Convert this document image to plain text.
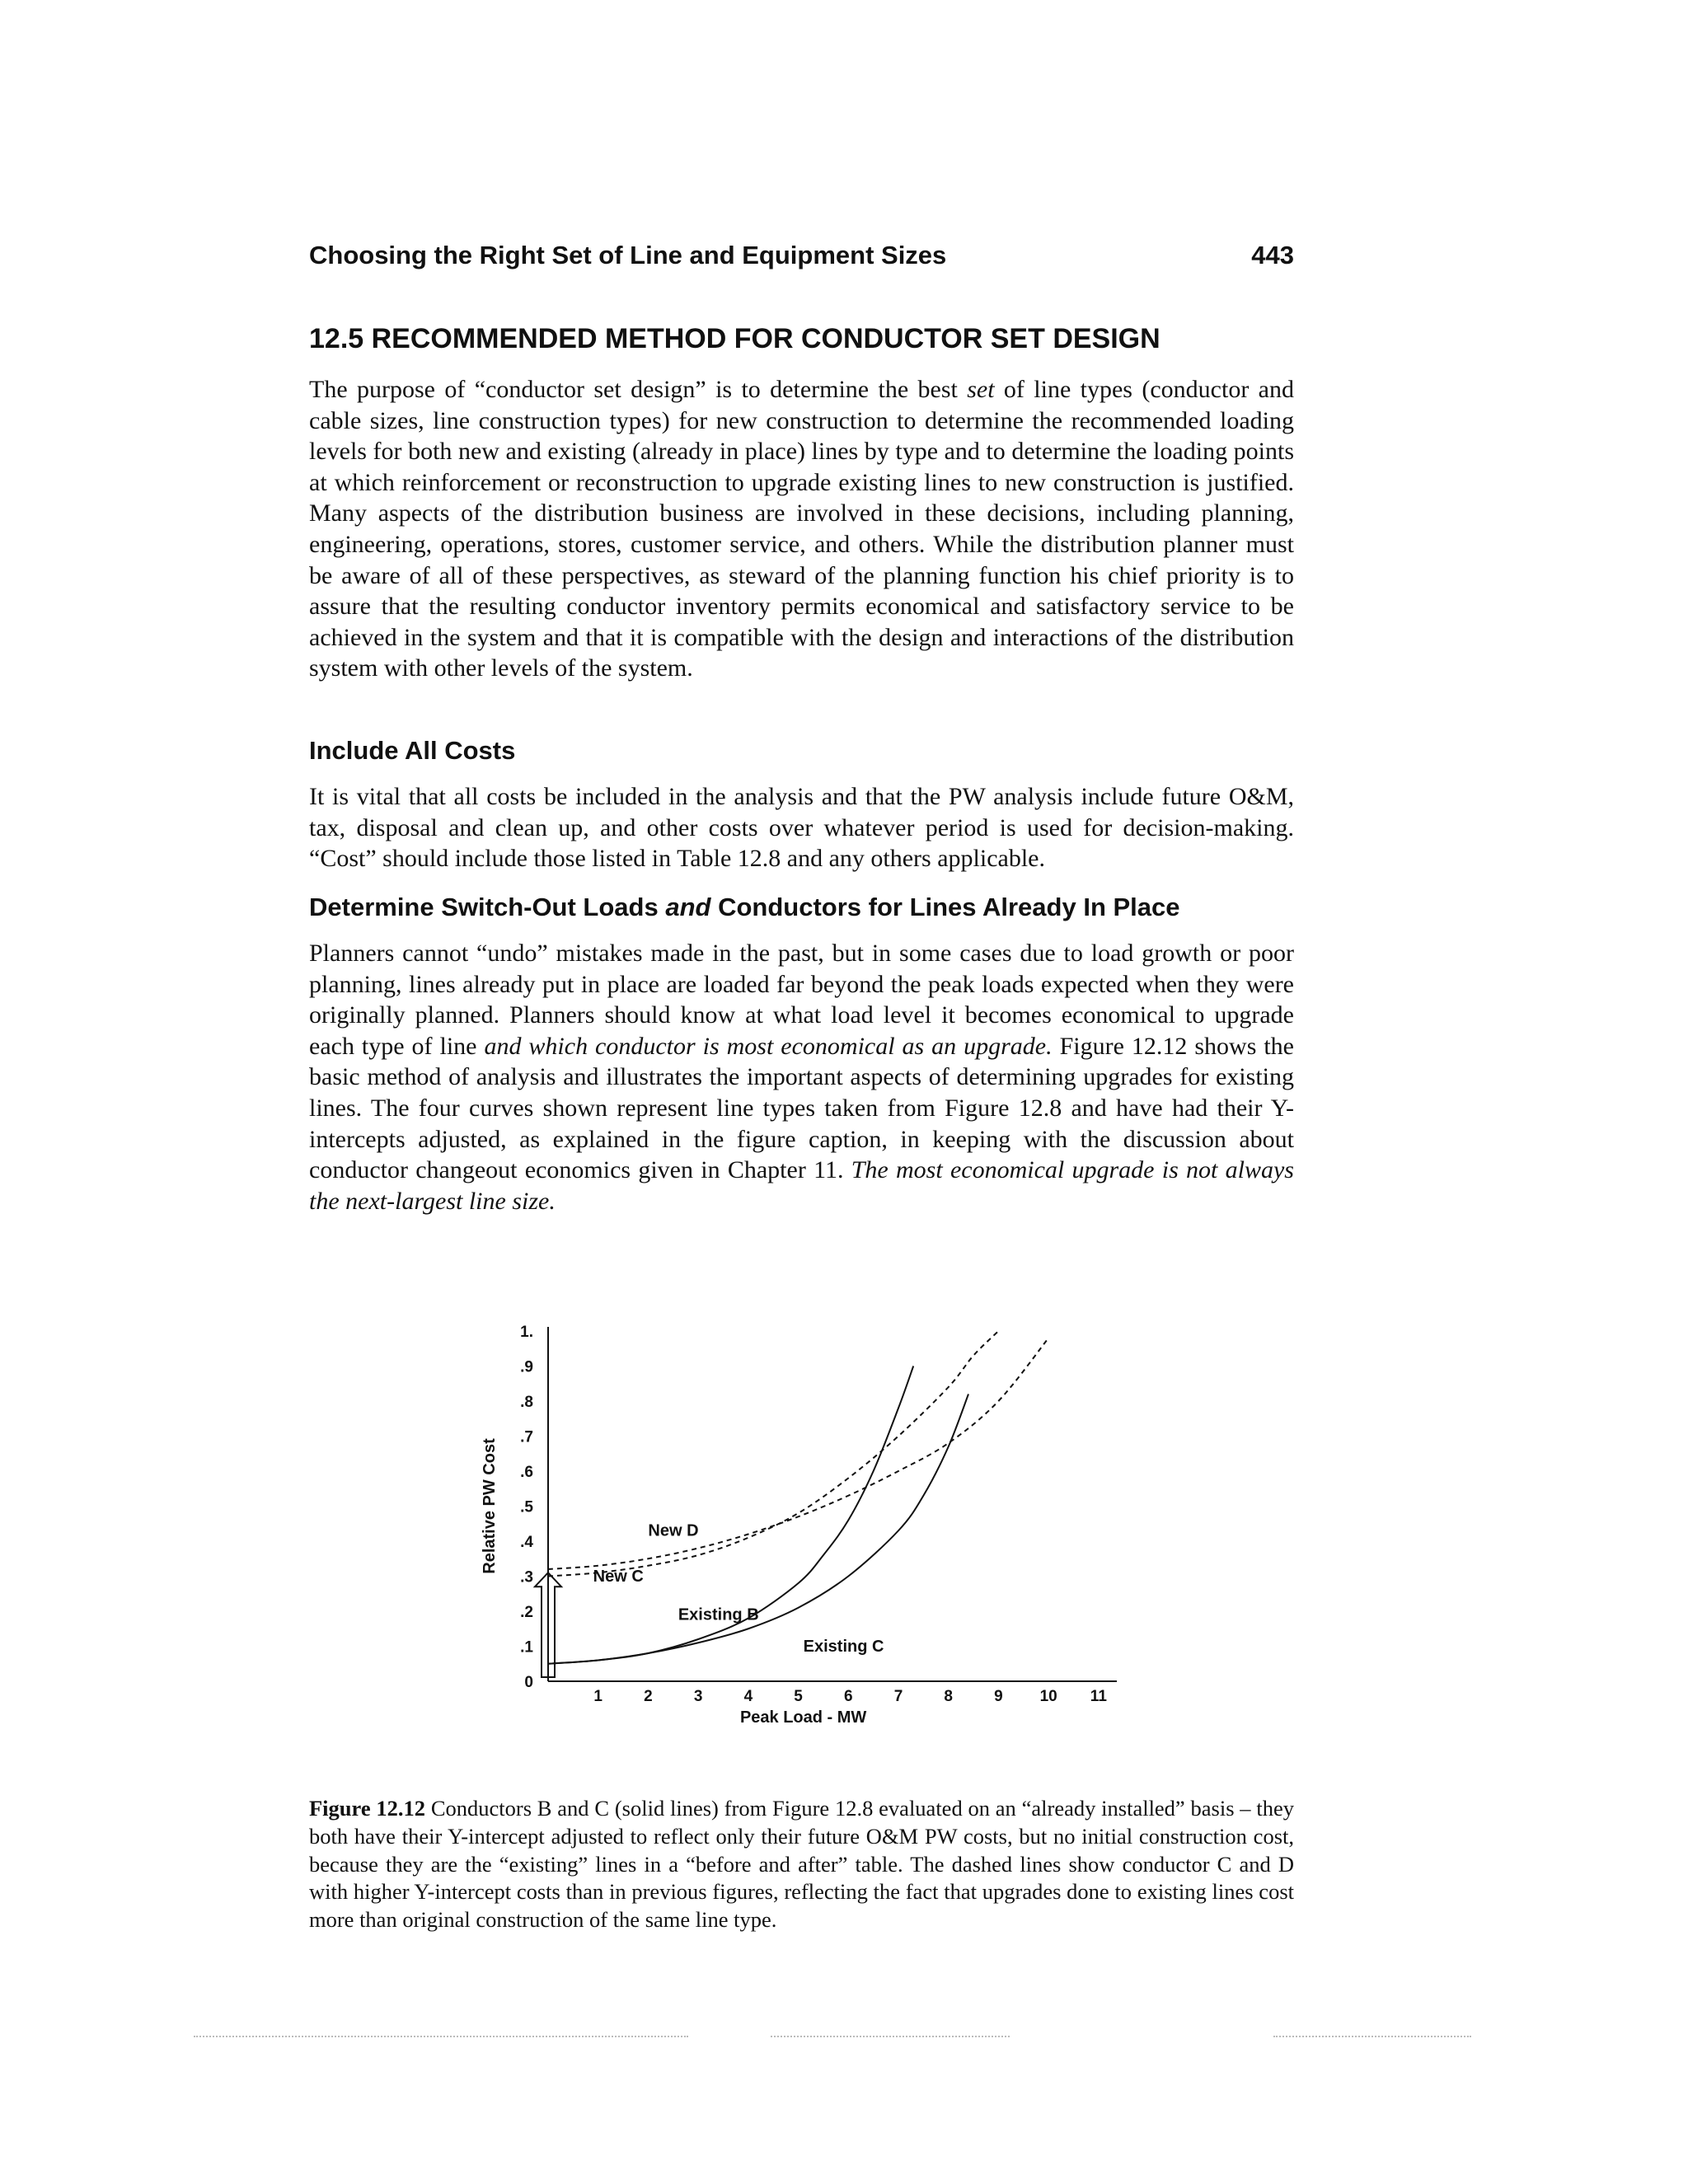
Choosing the Right Set of Line and Equipment Sizes	443
12.5 RECOMMENDED METHOD FOR CONDUCTOR SET DESIGN

The purpose of “conductor set design” is to determine the best set of line types (conductor and cable sizes, line construction types) for new construction to determine the recommended loading levels for both new and existing (already in place) lines by type and to determine the loading points at which reinforcement or reconstruction to upgrade existing lines to new construction is justified. Many aspects of the distribution business are involved in these decisions, including planning, engineering, operations, stores, customer service, and others. While the distribution planner must be aware of all of these perspectives, as steward of the planning function his chief priority is to assure that the resulting conductor inventory permits economical and satisfactory service to be achieved in the system and that it is compatible with the design and interactions of the distribution system with other levels of the system.

Include All Costs

It is vital that all costs be included in the analysis and that the PW analysis include future O&M, tax, disposal and clean up, and other costs over whatever period is used for decision-making. “Cost” should include those listed in Table 12.8 and any others applicable.

Determine Switch-Out Loads and Conductors for Lines Already In Place

Planners cannot “undo” mistakes made in the past, but in some cases due to load growth or poor planning, lines already put in place are loaded far beyond the peak loads expected when they were originally planned. Planners should know at what load level it becomes economical to upgrade each type of line and which conductor is most economical as an upgrade. Figure 12.12 shows the basic method of analysis and illustrates the important aspects of determining upgrades for existing lines. The four curves shown represent line types taken from Figure 12.8 and have had their Y-intercepts adjusted, as explained in the figure caption, in keeping with the discussion about conductor changeout economics given in Chapter 11. The most economical upgrade is not always the next-largest line size.

0
.1
.2
.3
.4
.5
.6
.7
.8
.9
1.
1	2	3	4	5	6	7	8	9 10 11
Peak Load - MW
Relative PW Cost	New D
New C
Existing B
Existing C

Figure 12.12 Conductors B and C (solid lines) from Figure 12.8 evaluated on an “already installed” basis – they both have their Y-intercept adjusted to reflect only their future O&M PW costs, but no initial construction cost, because they are the “existing” lines in a “before and after” table. The dashed lines show conductor C and D with higher Y-intercept costs than in previous figures, reflecting the fact that upgrades done to existing lines cost more than original construction of the same line type.
